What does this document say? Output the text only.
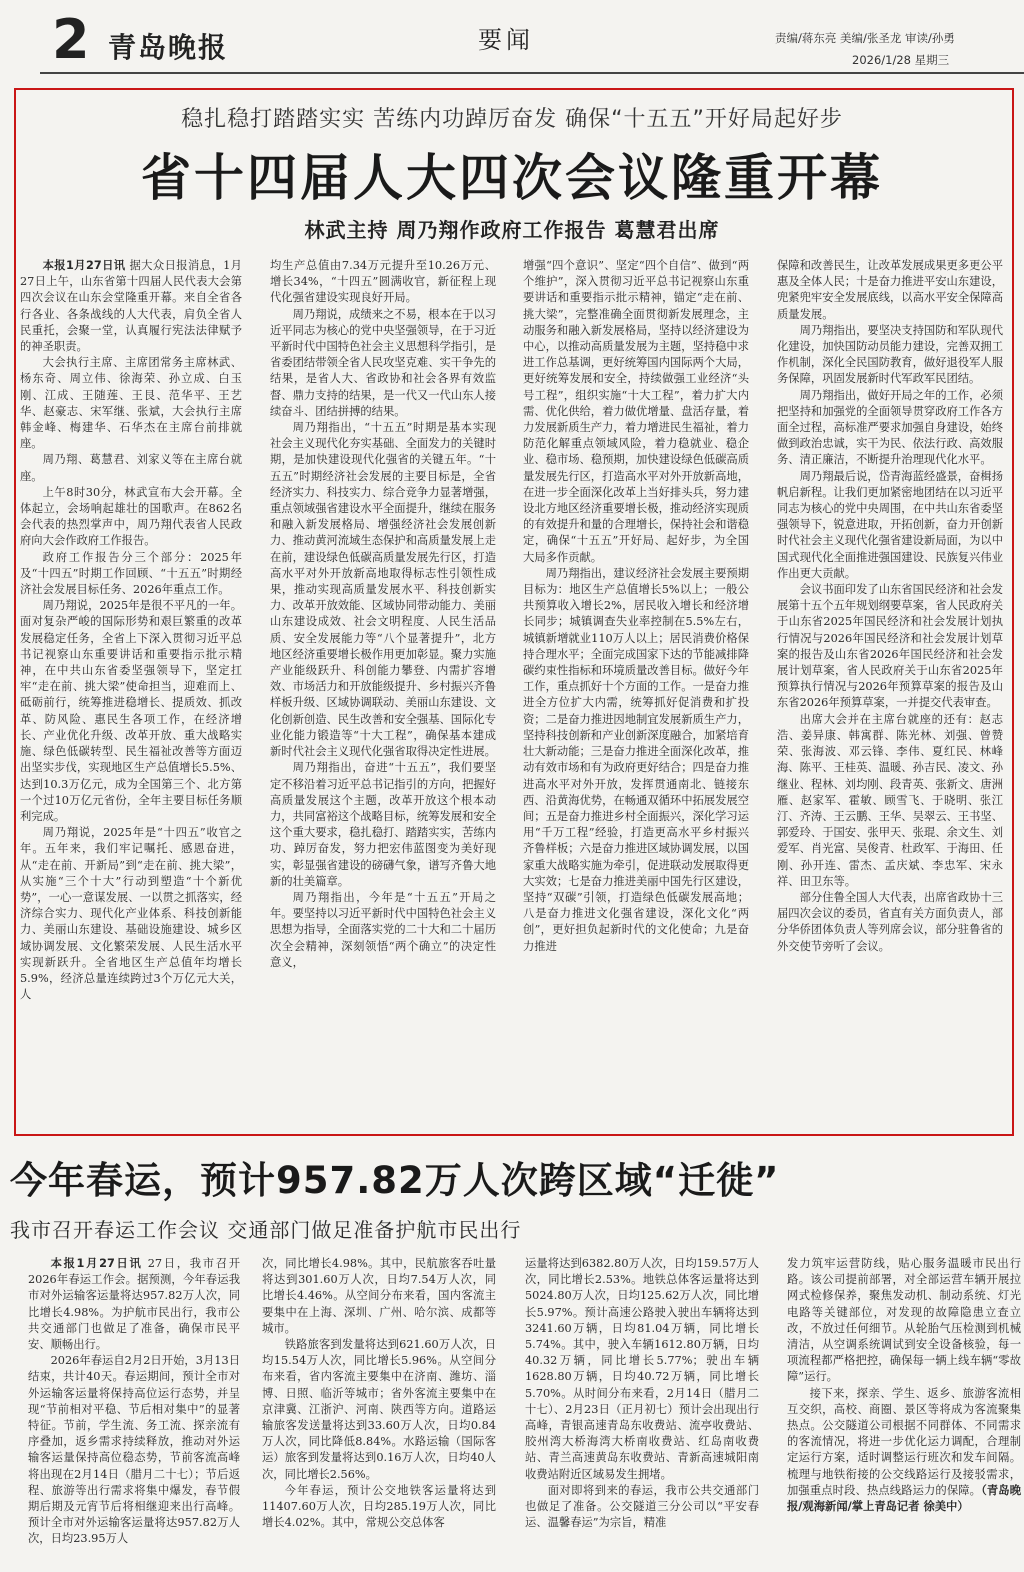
2 青岛晚报	要闻	责编/蒋东亮 美编/张圣龙 审读/孙勇
2026/1/28 星期三
稳扎稳打踏踏实实 苦练内功踔厉奋发 确保“十五五”开好局起好步
省十四届人大四次会议隆重开幕
林武主持 周乃翔作政府工作报告 葛慧君出席

本报1月27日讯 据大众日报消息，1月27日上午，山东省第十四届人民代表大会第四次会议在山东会堂隆重开幕。来自全省各行各业、各条战线的人大代表，肩负全省人民重托，会聚一堂，认真履行宪法法律赋予的神圣职责。

大会执行主席、主席团常务主席林武、杨东奇、周立伟、徐海荣、孙立成、白玉刚、江成、王随莲、王艮、范华平、王艺华、赵豪志、宋军继、张斌，大会执行主席韩金峰、梅建华、石华杰在主席台前排就座。

周乃翔、葛慧君、刘家义等在主席台就座。

上午8时30分，林武宣布大会开幕。全体起立，会场响起雄壮的国歌声。在862名会代表的热烈掌声中，周乃翔代表省人民政府向大会作政府工作报告。

政府工作报告分三个部分：2025年及“十四五”时期工作回顾、“十五五”时期经济社会发展目标任务、2026年重点工作。

周乃翔说，2025年是很不平凡的一年。面对复杂严峻的国际形势和艰巨繁重的改革发展稳定任务，全省上下深入贯彻习近平总书记视察山东重要讲话和重要指示批示精神，在中共山东省委坚强领导下，坚定扛牢“走在前、挑大梁”使命担当，迎难而上、砥砺前行，统筹推进稳增长、提质效、抓改革、防风险、惠民生各项工作，在经济增长、产业优化升级、改革开放、重大战略实施、绿色低碳转型、民生福祉改善等方面迈出坚实步伐，实现地区生产总值增长5.5%、达到10.3万亿元，成为全国第三个、北方第一个过10万亿元省份，全年主要目标任务顺利完成。

周乃翔说，2025年是“十四五”收官之年。五年来，我们牢记嘱托、感恩奋进，从“走在前、开新局”到“走在前、挑大梁”，从实施“三个十大”行动到塑造“十个新优势”，一心一意谋发展、一以贯之抓落实，经济综合实力、现代化产业体系、科技创新能力、美丽山东建设、基础设施建设、城乡区域协调发展、文化繁荣发展、人民生活水平实现新跃升。全省地区生产总值年均增长5.9%，经济总量连续跨过3个万亿元大关，人

均生产总值由7.34万元提升至10.26万元、增长34%，“十四五”圆满收官，新征程上现代化强省建设实现良好开局。

周乃翔说，成绩来之不易，根本在于以习近平同志为核心的党中央坚强领导，在于习近平新时代中国特色社会主义思想科学指引，是省委团结带领全省人民攻坚克难、实干争先的结果，是省人大、省政协和社会各界有效监督、鼎力支持的结果，是一代又一代山东人接续奋斗、团结拼搏的结果。

周乃翔指出，“十五五”时期是基本实现社会主义现代化夯实基础、全面发力的关键时期，是加快建设现代化强省的关键五年。“十五五”时期经济社会发展的主要目标是，全省经济实力、科技实力、综合竞争力显著增强，重点领域强省建设水平全面提升，继续在服务和融入新发展格局、增强经济社会发展创新力、推动黄河流域生态保护和高质量发展上走在前，建设绿色低碳高质量发展先行区，打造高水平对外开放新高地取得标志性引领性成果，推动实现高质量发展水平、科技创新实力、改革开放效能、区域协同带动能力、美丽山东建设成效、社会文明程度、人民生活品质、安全发展能力等“八个显著提升”，北方地区经济重要增长极作用更加彰显。聚力实施产业能级跃升、科创能力攀登、内需扩容增效、市场活力和开放能级提升、乡村振兴齐鲁样板升级、区域协调联动、美丽山东建设、文化创新创造、民生改善和安全强基、国际化专业化能力锻造等“十大工程”，确保基本建成新时代社会主义现代化强省取得决定性进展。

周乃翔指出，奋进“十五五”，我们要坚定不移沿着习近平总书记指引的方向，把握好高质量发展这个主题，改革开放这个根本动力，共同富裕这个战略目标，统筹发展和安全这个重大要求，稳扎稳打、踏踏实实，苦练内功、踔厉奋发，努力把宏伟蓝图变为美好现实，彰显强省建设的磅礴气象，谱写齐鲁大地新的壮美篇章。

周乃翔指出，今年是“十五五”开局之年。要坚持以习近平新时代中国特色社会主义思想为指导，全面落实党的二十大和二十届历次全会精神，深刻领悟“两个确立”的决定性意义，

增强“四个意识”、坚定“四个自信”、做到“两个维护”，深入贯彻习近平总书记视察山东重要讲话和重要指示批示精神，锚定“走在前、挑大梁”，完整准确全面贯彻新发展理念，主动服务和融入新发展格局，坚持以经济建设为中心，以推动高质量发展为主题，坚持稳中求进工作总基调，更好统筹国内国际两个大局，更好统筹发展和安全，持续做强工业经济“头号工程”，组织实施“十大工程”，着力扩大内需、优化供给，着力做优增量、盘活存量，着力发展新质生产力，着力增进民生福祉，着力防范化解重点领域风险，着力稳就业、稳企业、稳市场、稳预期，加快建设绿色低碳高质量发展先行区，打造高水平对外开放新高地，在进一步全面深化改革上当好排头兵，努力建设北方地区经济重要增长极，推动经济实现质的有效提升和量的合理增长，保持社会和谐稳定，确保“十五五”开好局、起好步，为全国大局多作贡献。

周乃翔指出，建议经济社会发展主要预期目标为：地区生产总值增长5%以上；一般公共预算收入增长2%，居民收入增长和经济增长同步；城镇调查失业率控制在5.5%左右，城镇新增就业110万人以上；居民消费价格保持合理水平；全面完成国家下达的节能减排降碳约束性指标和环境质量改善目标。做好今年工作，重点抓好十个方面的工作。一是奋力推进全方位扩大内需，统筹抓好促消费和扩投资；二是奋力推进因地制宜发展新质生产力，坚持科技创新和产业创新深度融合，加紧培育壮大新动能；三是奋力推进全面深化改革，推动有效市场和有为政府更好结合；四是奋力推进高水平对外开放，发挥贯通南北、链接东西、沿黄海优势，在畅通双循环中拓展发展空间；五是奋力推进乡村全面振兴，深化学习运用“千万工程”经验，打造更高水平乡村振兴齐鲁样板；六是奋力推进区域协调发展，以国家重大战略实施为牵引，促进联动发展取得更大实效；七是奋力推进美丽中国先行区建设，坚持“双碳”引领，打造绿色低碳发展高地；八是奋力推进文化强省建设，深化文化“两创”，更好担负起新时代的文化使命；九是奋力推进

保障和改善民生，让改革发展成果更多更公平惠及全体人民；十是奋力推进平安山东建设，兜紧兜牢安全发展底线，以高水平安全保障高质量发展。

周乃翔指出，要坚决支持国防和军队现代化建设，加快国防动员能力建设，完善双拥工作机制，深化全民国防教育，做好退役军人服务保障，巩固发展新时代军政军民团结。

周乃翔指出，做好开局之年的工作，必须把坚持和加强党的全面领导贯穿政府工作各方面全过程，高标准严要求加强自身建设，始终做到政治忠诚，实干为民、依法行政、高效服务、清正廉洁，不断提升治理现代化水平。

周乃翔最后说，岱青海蓝经盛景，奋楫扬帆启新程。让我们更加紧密地团结在以习近平同志为核心的党中央周围，在中共山东省委坚强领导下，锐意进取，开拓创新，奋力开创新时代社会主义现代化强省建设新局面，为以中国式现代化全面推进强国建设、民族复兴伟业作出更大贡献。

会议书面印发了山东省国民经济和社会发展第十五个五年规划纲要草案，省人民政府关于山东省2025年国民经济和社会发展计划执行情况与2026年国民经济和社会发展计划草案的报告及山东省2026年国民经济和社会发展计划草案，省人民政府关于山东省2025年预算执行情况与2026年预算草案的报告及山东省2026年预算草案，一并提交代表审查。

出席大会并在主席台就座的还有：赵志浩、姜异康、韩寓群、陈光林、刘强、曾赞荣、张海波、邓云锋、李伟、夏红民、林峰海、陈平、王桂英、温暖、孙吉民、凌文、孙继业、程林、刘均刚、段青英、张新文、唐洲雁、赵家军、霍敏、顾雪飞、于晓明、张江汀、齐涛、王云鹏、王华、吴翠云、王书坚、郭爱玲、于国安、张甲天、张琨、余文生、刘爱军、肖光富、吴俊青、杜政军、于海田、任刚、孙开连、雷杰、孟庆斌、李忠军、宋永祥、田卫东等。

部分住鲁全国人大代表，出席省政协十三届四次会议的委员，省直有关方面负责人，部分华侨团体负责人等列席会议，部分驻鲁省的外交使节旁听了会议。

今年春运，预计957.82万人次跨区域“迁徙”
我市召开春运工作会议 交通部门做足准备护航市民出行

本报1月27日讯 27日，我市召开2026年春运工作会。据预测，今年春运我市对外运输客运量将达957.82万人次，同比增长4.98%。为护航市民出行，我市公共交通部门也做足了准备，确保市民平安、顺畅出行。

2026年春运自2月2日开始，3月13日结束，共计40天。春运期间，预计全市对外运输客运量将保持高位运行态势，并呈现“节前相对平稳、节后相对集中”的显著特征。节前，学生流、务工流、探亲流有序叠加，返乡需求持续释放，推动对外运输客运量保持高位稳态势，节前客流高峰将出现在2月14日（腊月二十七）；节后返程、旅游等出行需求将集中爆发，春节假期后期及元宵节后将相继迎来出行高峰。预计全市对外运输客运量将达957.82万人次，日均23.95万人

次，同比增长4.98%。其中，民航旅客吞吐量将达到301.60万人次，日均7.54万人次，同比增长4.46%。从空间分布来看，国内客流主要集中在上海、深圳、广州、哈尔滨、成都等城市。

铁路旅客到发量将达到621.60万人次，日均15.54万人次，同比增长5.96%。从空间分布来看，省内客流主要集中在济南、潍坊、淄博、日照、临沂等城市；省外客流主要集中在京津冀、江浙沪、河南、陕西等方向。道路运输旅客发送量将达到33.60万人次，日均0.84万人次，同比降低8.84%。水路运输（国际客运）旅客到发量将达到0.16万人次，日均40人次，同比增长2.56%。

今年春运，预计公交地铁客运量将达到11407.60万人次，日均285.19万人次，同比增长4.02%。其中，常规公交总体客

运量将达到6382.80万人次，日均159.57万人次，同比增长2.53%。地铁总体客运量将达到5024.80万人次，日均125.62万人次，同比增长5.97%。预计高速公路驶入驶出车辆将达到3241.60万辆，日均81.04万辆，同比增长5.74%。其中，驶入车辆1612.80万辆，日均40.32万辆，同比增长5.77%；驶出车辆1628.80万辆，日均40.72万辆，同比增长5.70%。从时间分布来看，2月14日（腊月二十七）、2月23日（正月初七）预计会出现出行高峰，青银高速青岛东收费站、流亭收费站、胶州湾大桥海湾大桥南收费站、红岛南收费站、青兰高速黄岛东收费站、青新高速城阳南收费站附近区域易发生拥堵。

面对即将到来的春运，我市公共交通部门也做足了准备。公交隧道三分公司以“平安春运、温馨春运”为宗旨，精准

发力筑牢运营防线，贴心服务温暖市民出行路。该公司提前部署，对全部运营车辆开展拉网式检修保养，聚焦发动机、制动系统、灯光电路等关键部位，对发现的故障隐患立查立改，不放过任何细节。从轮胎气压检测到机械清洁，从空调系统调试到安全设备核验，每一项流程都严格把控，确保每一辆上线车辆“零故障”运行。

接下来，探亲、学生、返乡、旅游客流相互交织，高校、商圈、景区等将成为客流聚集热点。公交隧道公司根据不同群体、不同需求的客流情况，将进一步优化运力调配，合理制定运行方案，适时调整运行班次和发车间隔。梳理与地铁衔接的公交线路运行及接驳需求，加强重点时段、热点线路运力的保障。（青岛晚报/观海新闻/掌上青岛记者 徐美中）
